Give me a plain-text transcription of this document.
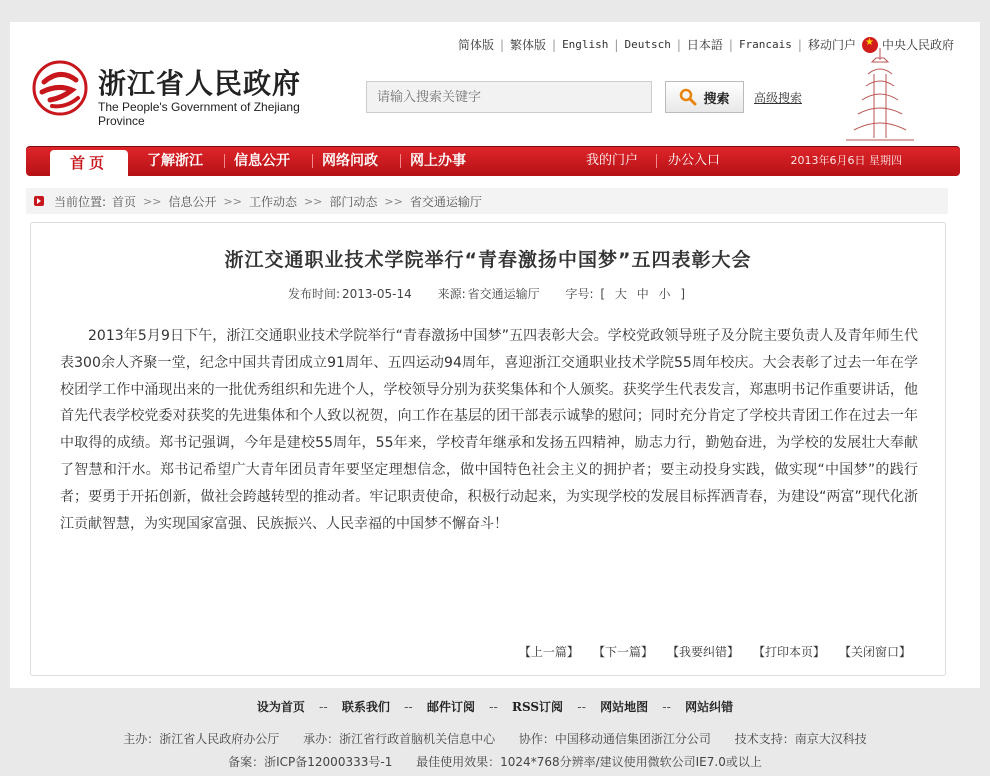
简体版 | 繁体版 | English | Deutsch | 日本語 | Francais | 移动门户
★ 中央人民政府
浙江省人民政府
The People's Government of Zhejiang Province
请输入搜索关键字
搜索 高级搜索
首页	了解浙江 信息公开 网络问政 网上办事	我的门户 办公入口	2013年6月6日 星期四
当前位置: 首页 >> 信息公开 >> 工作动态 >> 部门动态 >> 省交通运输厅
浙江交通职业技术学院举行“青春激扬中国梦”五四表彰大会
发布时间: 2013-05-14 来源: 省交通运输厅 字号: [ 大 中 小 ]
2013年5月9日下午，浙江交通职业技术学院举行“青春激扬中国梦”五四表彰大会。学校党政领导班子及分院主要负责人及青年师生代表300余人齐聚一堂，纪念中国共青团成立91周年、五四运动94周年，喜迎浙江交通职业技术学院55周年校庆。大会表彰了过去一年在学校团学工作中涌现出来的一批优秀组织和先进个人，学校领导分别为获奖集体和个人颁奖。获奖学生代表发言，郑惠明书记作重要讲话，他首先代表学校党委对获奖的先进集体和个人致以祝贺，向工作在基层的团干部表示诚挚的慰问；同时充分肯定了学校共青团工作在过去一年中取得的成绩。郑书记强调，今年是建校55周年，55年来，学校青年继承和发扬五四精神，励志力行，勤勉奋进，为学校的发展壮大奉献了智慧和汗水。郑书记希望广大青年团员青年要坚定理想信念，做中国特色社会主义的拥护者；要主动投身实践，做实现“中国梦”的践行者；要勇于开拓创新，做社会跨越转型的推动者。牢记职责使命，积极行动起来，为实现学校的发展目标挥洒青春，为建设“两富”现代化浙江贡献智慧，为实现国家富强、民族振兴、人民幸福的中国梦不懈奋斗！
【上一篇】 【下一篇】 【我要纠错】 【打印本页】 【关闭窗口】
设为首页 -- 联系我们 -- 邮件订阅 -- RSS订阅 -- 网站地图 -- 网站纠错
主办：浙江省人民政府办公厅 承办：浙江省行政首脑机关信息中心 协作：中国移动通信集团浙江分公司 技术支持：南京大汉科技
备案：浙ICP备12000333号-1 最佳使用效果：1024*768分辨率/建议使用微软公司IE7.0或以上
